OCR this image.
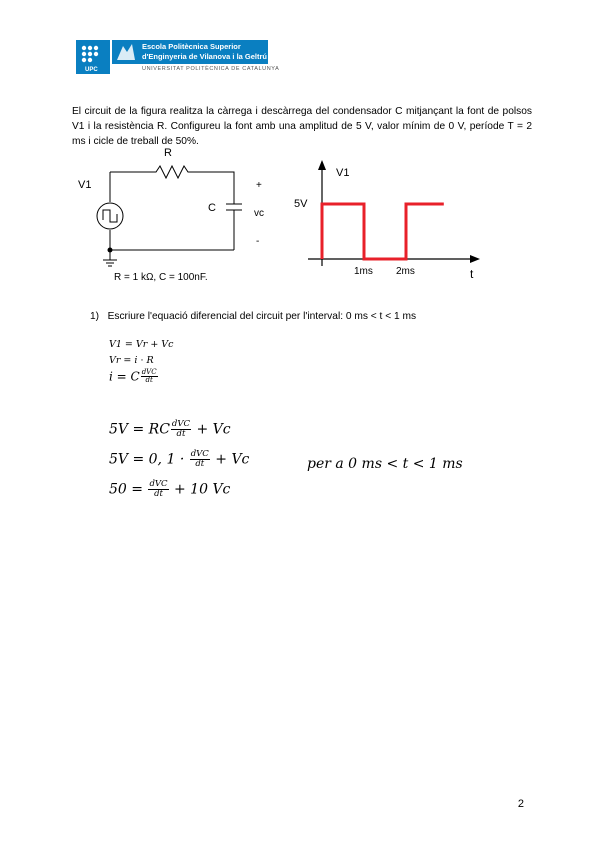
UPC
Escola Politècnica Superior
d'Enginyeria de Vilanova i la Geltrú
UNIVERSITAT POLITÈCNICA DE CATALUNYA
El circuit de la figura realitza la càrrega i descàrrega del condensador C mitjançant la font de polsos V1 i la resistència R. Configureu la font amb una amplitud de 5 V, valor mínim de 0 V, període T = 2 ms i cicle de treball de 50%.
R
V1
C
+
vc
-
R = 1 kΩ, C = 100nF.
V1
5V
1ms 2ms	t
1) Escriure l'equació diferencial del circuit per l'interval: 0 ms < t < 1 ms
V1 = Vr + Vc
Vr = i · R
i = C $\frac{\text{dVC}}{dt}$
5V = RC $\frac{\text{dVC}}{dt} + Vc$
5V = 0, $1 \cdot \frac{\text{dVC}}{dt} + Vc$	per a 0 ms < t < 1 ms
$50 = \frac{\text{dVC}}{dt} + 10$ Vc
2
